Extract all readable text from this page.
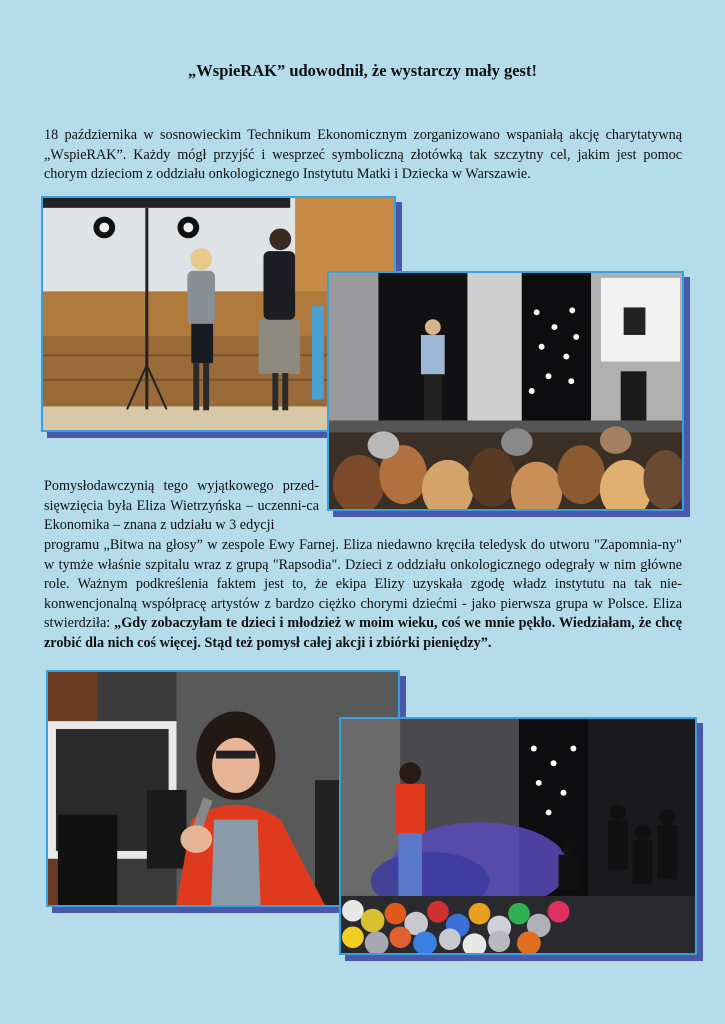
„WspieRAK” udowodnił, że wystarczy mały gest!
18 października w sosnowieckim Technikum Ekonomicznym zorganizowano wspaniałą akcję charytatywną „WspieRAK”. Każdy mógł przyjść i wesprzeć symboliczną złotówką tak szczytny cel, jakim jest pomoc chorym dzieciom z oddziału onkologicznego Instytutu Matki i Dziecka w Warszawie.
Pomysłodawczynią tego wyjątkowego przed-sięwzięcia była Eliza Wietrzyńska – uczenni-ca Ekonomika – znana z udziału w 3 edycji
programu „Bitwa na głosy” w zespole Ewy Farnej. Eliza niedawno kręciła teledysk do utworu "Zapomnia-ny" w tymże właśnie szpitalu wraz z grupą "Rapsodia". Dzieci z oddziału onkologicznego odegrały w nim główne role. Ważnym podkreślenia faktem jest to, że ekipa Elizy uzyskała zgodę władz instytutu na tak nie-konwencjonalną współpracę artystów z bardzo ciężko chorymi dziećmi - jako pierwsza grupa w Polsce. Eliza stwierdziła: „Gdy zobaczyłam te dzieci i młodzież w moim wieku, coś we mnie pękło. Wiedziałam, że chcę zrobić dla nich coś więcej. Stąd też pomysł całej akcji i zbiórki pieniędzy”.
